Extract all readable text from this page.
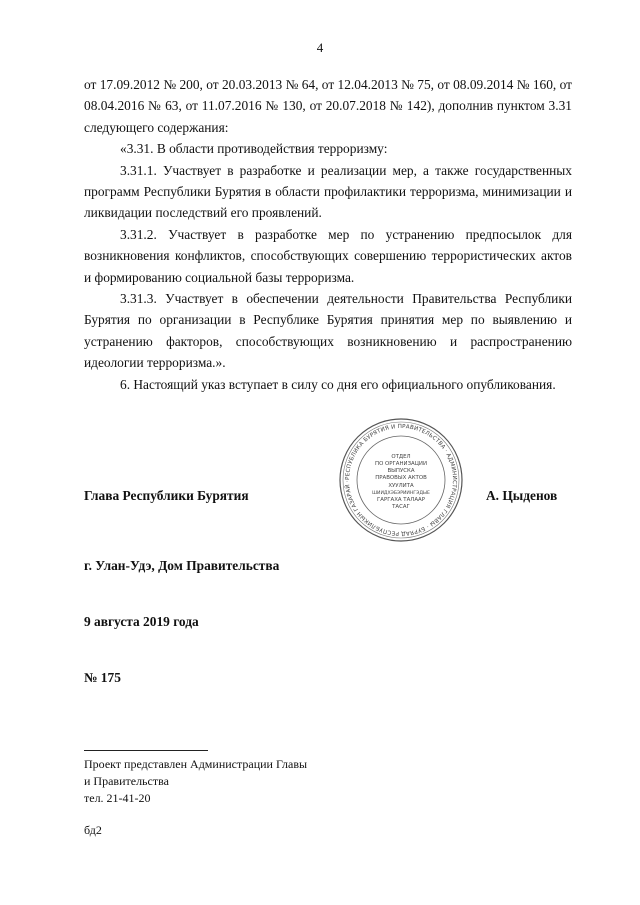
4

от 17.09.2012 № 200, от 20.03.2013 № 64, от 12.04.2013 № 75, от 08.09.2014 № 160, от 08.04.2016 № 63, от 11.07.2016 № 130, от 20.07.2018 № 142), дополнив пунктом 3.31 следующего содержания:

«3.31. В области противодействия терроризму:

3.31.1. Участвует в разработке и реализации мер, а также государственных программ Республики Бурятия в области профилактики терроризма, минимизации и ликвидации последствий его проявлений.

3.31.2. Участвует в разработке мер по устранению предпосылок для возникновения конфликтов, способствующих совершению террористических актов и формированию социальной базы терроризма.

3.31.3. Участвует в обеспечении деятельности Правительства Республики Бурятия по организации в Республике Бурятия принятия мер по выявлению и устранению факторов, способствующих возникновению и распространению идеологии терроризма.».

6. Настоящий указ вступает в силу со дня его официального опубликования.

Глава Республики Бурятия	А. Цыденов
РЕСПУБЛИКА БУРЯТИЯ И ПРАВИТЕЛЬСТВА · АДМИНИСТРАЦИЯ ГЛАВЫ · БУРЯАД РЕСПУБЛИКЫН ГАЗАРАЙ ·
ОТДЕЛ
ПО ОРГАНИЗАЦИИ
ВЫПУСКА
ПРАВОВЫХ АКТОВ
ХУУЛИТА
ШИИДХЭБЭРИИНГЭДЫЕ
ГАРГАХА ТАЛААР
ТАСАГ
г. Улан-Удэ, Дом Правительства
9 августа 2019 года
№ 175
Проект представлен Администрации Главы
и Правительства
тел. 21-41-20
бд2
